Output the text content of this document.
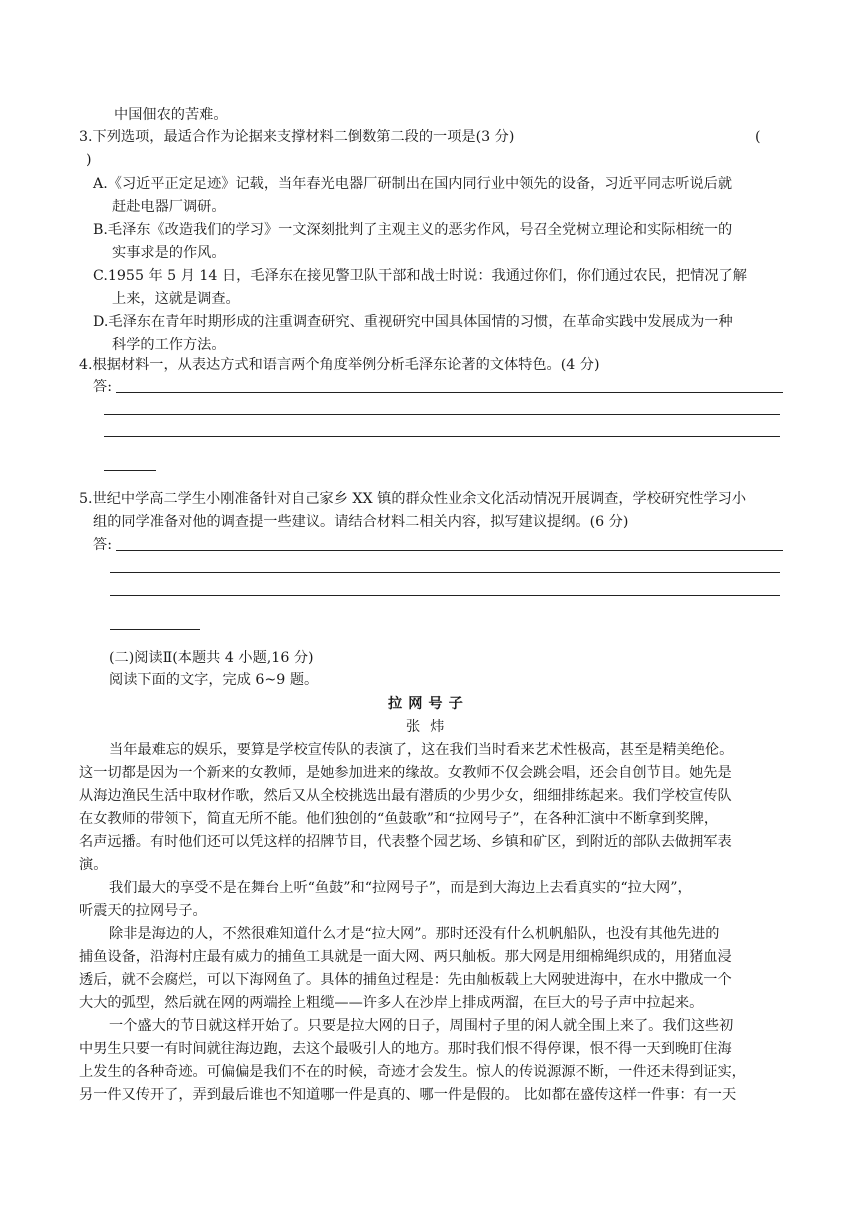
中国佃农的苦难。
3.下列选项，最适合作为论据来支撑材料二倒数第二段的一项是(3 分)	(
)
A.《习近平正定足迹》记载，当年春光电器厂研制出在国内同行业中领先的设备，习近平同志听说后就
赶赴电器厂调研。
B.毛泽东《改造我们的学习》一文深刻批判了主观主义的恶劣作风，号召全党树立理论和实际相统一的
实事求是的作风。
C.1955 年 5 月 14 日，毛泽东在接见警卫队干部和战士时说：我通过你们，你们通过农民，把情况了解
上来，这就是调查。
D.毛泽东在青年时期形成的注重调查研究、重视研究中国具体国情的习惯，在革命实践中发展成为一种
科学的工作方法。
4.根据材料一，从表达方式和语言两个角度举例分析毛泽东论著的文体特色。(4 分)
答:
5.世纪中学高二学生小刚准备针对自己家乡 XX 镇的群众性业余文化活动情况开展调查，学校研究性学习小
组的同学准备对他的调查提一些建议。请结合材料二相关内容，拟写建议提纲。(6 分)
答:
(二)阅读Ⅱ(本题共 4 小题,16 分)
阅读下面的文字，完成 6~9 题。
拉网号子
张炜
当年最难忘的娱乐，要算是学校宣传队的表演了，这在我们当时看来艺术性极高，甚至是精美绝伦。
这一切都是因为一个新来的女教师，是她参加进来的缘故。女教师不仅会跳会唱，还会自创节目。她先是
从海边渔民生活中取材作歌，然后又从全校挑选出最有潜质的少男少女，细细排练起来。我们学校宣传队
在女教师的带领下，简直无所不能。他们独创的“鱼鼓歌”和“拉网号子”，在各种汇演中不断拿到奖牌，
名声远播。有时他们还可以凭这样的招牌节目，代表整个园艺场、乡镇和矿区，到附近的部队去做拥军表
演。
我们最大的享受不是在舞台上听“鱼鼓”和“拉网号子”，而是到大海边上去看真实的“拉大网”，
听震天的拉网号子。
除非是海边的人，不然很难知道什么才是“拉大网”。那时还没有什么机帆船队，也没有其他先进的
捕鱼设备，沿海村庄最有威力的捕鱼工具就是一面大网、两只舢板。那大网是用细棉绳织成的，用猪血浸
透后，就不会腐烂，可以下海网鱼了。具体的捕鱼过程是：先由舢板载上大网驶进海中，在水中撒成一个
大大的弧型，然后就在网的两端拴上粗缆——许多人在沙岸上排成两溜，在巨大的号子声中拉起来。
一个盛大的节日就这样开始了。只要是拉大网的日子，周围村子里的闲人就全围上来了。我们这些初
中男生只要一有时间就往海边跑，去这个最吸引人的地方。那时我们恨不得停课，恨不得一天到晚盯住海
上发生的各种奇迹。可偏偏是我们不在的时候，奇迹才会发生。惊人的传说源源不断，一件还未得到证实，
另一件又传开了，弄到最后谁也不知道哪一件是真的、哪一件是假的。 比如都在盛传这样一件事：有一天
